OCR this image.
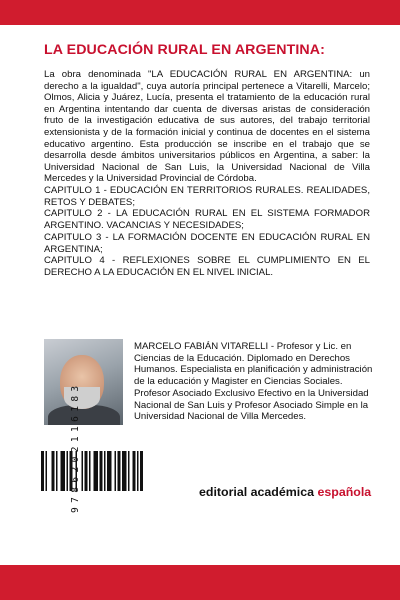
LA EDUCACIÓN RURAL EN ARGENTINA:

La obra denominada "LA EDUCACIÓN RURAL EN ARGENTINA: un derecho a la igualdad", cuya autoría principal pertenece a Vitarelli, Marcelo; Olmos, Alicia y Juárez, Lucía, presenta el tratamiento de la educación rural en Argentina intentando dar cuenta de diversas aristas de consideración fruto de la investigación educativa de sus autores, del trabajo territorial extensionista y de la formación inicial y continua de docentes en el sistema educativo argentino. Esta producción se inscribe en el trabajo que se desarrolla desde ámbitos universitarios públicos en Argentina, a saber: la Universidad Nacional de San Luis, la Universidad Nacional de Villa Mercedes y la Universidad Provincial de Córdoba.

CAPITULO 1 - EDUCACIÓN EN TERRITORIOS RURALES. REALIDADES, RETOS Y DEBATES;
CAPITULO 2 - LA EDUCACIÓN RURAL EN EL SISTEMA FORMADOR ARGENTINO. VACANCIAS Y NECESIDADES;
CAPITULO 3 - LA FORMACIÓN DOCENTE EN EDUCACIÓN RURAL EN ARGENTINA;
CAPITULO 4 - REFLEXIONES SOBRE EL CUMPLIMIENTO EN EL DERECHO A LA EDUCACIÓN EN EL NIVEL INICIAL.
MARCELO FABIÁN VITARELLI - Profesor y Lic. en Ciencias de la Educación. Diplomado en Derechos Humanos. Especialista en planificación y administración de la educación y Magister en Ciencias Sociales. Profesor Asociado Exclusivo Efectivo en la Universidad Nacional de San Luis y Profesor Asociado Simple en la Universidad Nacional de Villa Mercedes.
9786202116183	editorial académica española
